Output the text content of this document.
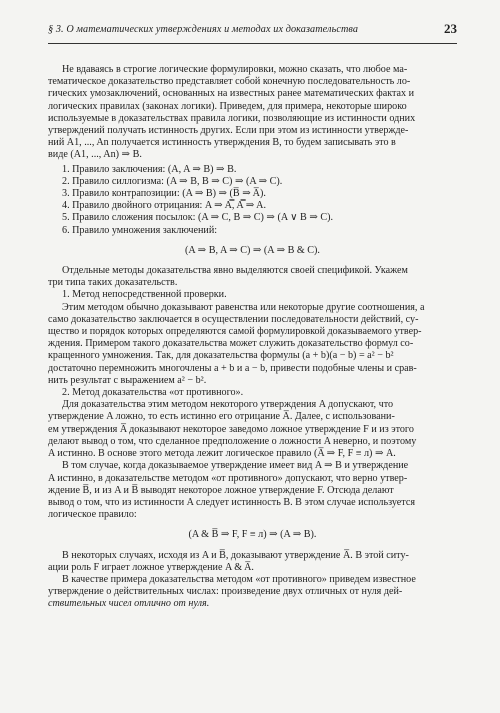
§ 3. О математических утверждениях и методах их доказательства	23

Не вдаваясь в строгие логические формулировки, можно сказать, что любое ма-

тематическое доказательство представляет собой конечную последовательность ло-

гических умозаключений, основанных на известных ранее математических фактах и

логических правилах (законах логики). Приведем, для примера, некоторые широко

используемые в доказательствах правила логики, позволяющие из истинности одних

утверждений получать истинность других. Если при этом из истинности утвержде-

ний A1, ..., An получается истинность утверждения B, то будем записывать это в

виде (A1, ..., An) ⇒ B.

1. Правило заключения: (A, A ⇒ B) ⇒ B.

2. Правило силлогизма: (A ⇒ B, B ⇒ C) ⇒ (A ⇒ C).

3. Правило контрапозиции: (A ⇒ B) ⇒ (B̅ ⇒ A̅).

4. Правило двойного отрицания: A ⇒ A̿, A̿ ⇒ A.

5. Правило сложения посылок: (A ⇒ C, B ⇒ C) ⇒ (A ∨ B ⇒ C).

6. Правило умножения заключений:

(A ⇒ B, A ⇒ C) ⇒ (A ⇒ B & C).

Отдельные методы доказательства явно выделяются своей спецификой. Укажем

три типа таких доказательств.

1. Метод непосредственной проверки.

Этим методом обычно доказывают равенства или некоторые другие соотношения, а

само доказательство заключается в осуществлении последовательности действий, су-

щество и порядок которых определяются самой формулировкой доказываемого утвер-

ждения. Примером такого доказательства может служить доказательство формул со-

кращенного умножения. Так, для доказательства формулы (a + b)(a − b) = a² − b²

достаточно перемножить многочлены a + b и a − b, привести подобные члены и срав-

нить результат с выражением a² − b².

2. Метод доказательства «от противного».

Для доказательства этим методом некоторого утверждения A допускают, что

утверждение A ложно, то есть истинно его отрицание A̅. Далее, с использовани-

ем утверждения A̅ доказывают некоторое заведомо ложное утверждение F и из этого

делают вывод о том, что сделанное предположение о ложности A неверно, и поэтому

A истинно. В основе этого метода лежит логическое правило (A̅ ⇒ F, F ≡ л) ⇒ A.

В том случае, когда доказываемое утверждение имеет вид A ⇒ B и утверждение

A истинно, в доказательстве методом «от противного» допускают, что верно утвер-

ждение B̅, и из A и B̅ выводят некоторое ложное утверждение F. Отсюда делают

вывод о том, что из истинности A следует истинность B. В этом случае используется

логическое правило:

(A & B̅ ⇒ F, F ≡ л) ⇒ (A ⇒ B).

В некоторых случаях, исходя из A и B̅, доказывают утверждение A̅. В этой ситу-

ации роль F играет ложное утверждение A & A̅.

В качестве примера доказательства методом «от противного» приведем известное

утверждение о действительных числах: произведение двух отличных от нуля дей-

ствительных чисел отлично от нуля.
